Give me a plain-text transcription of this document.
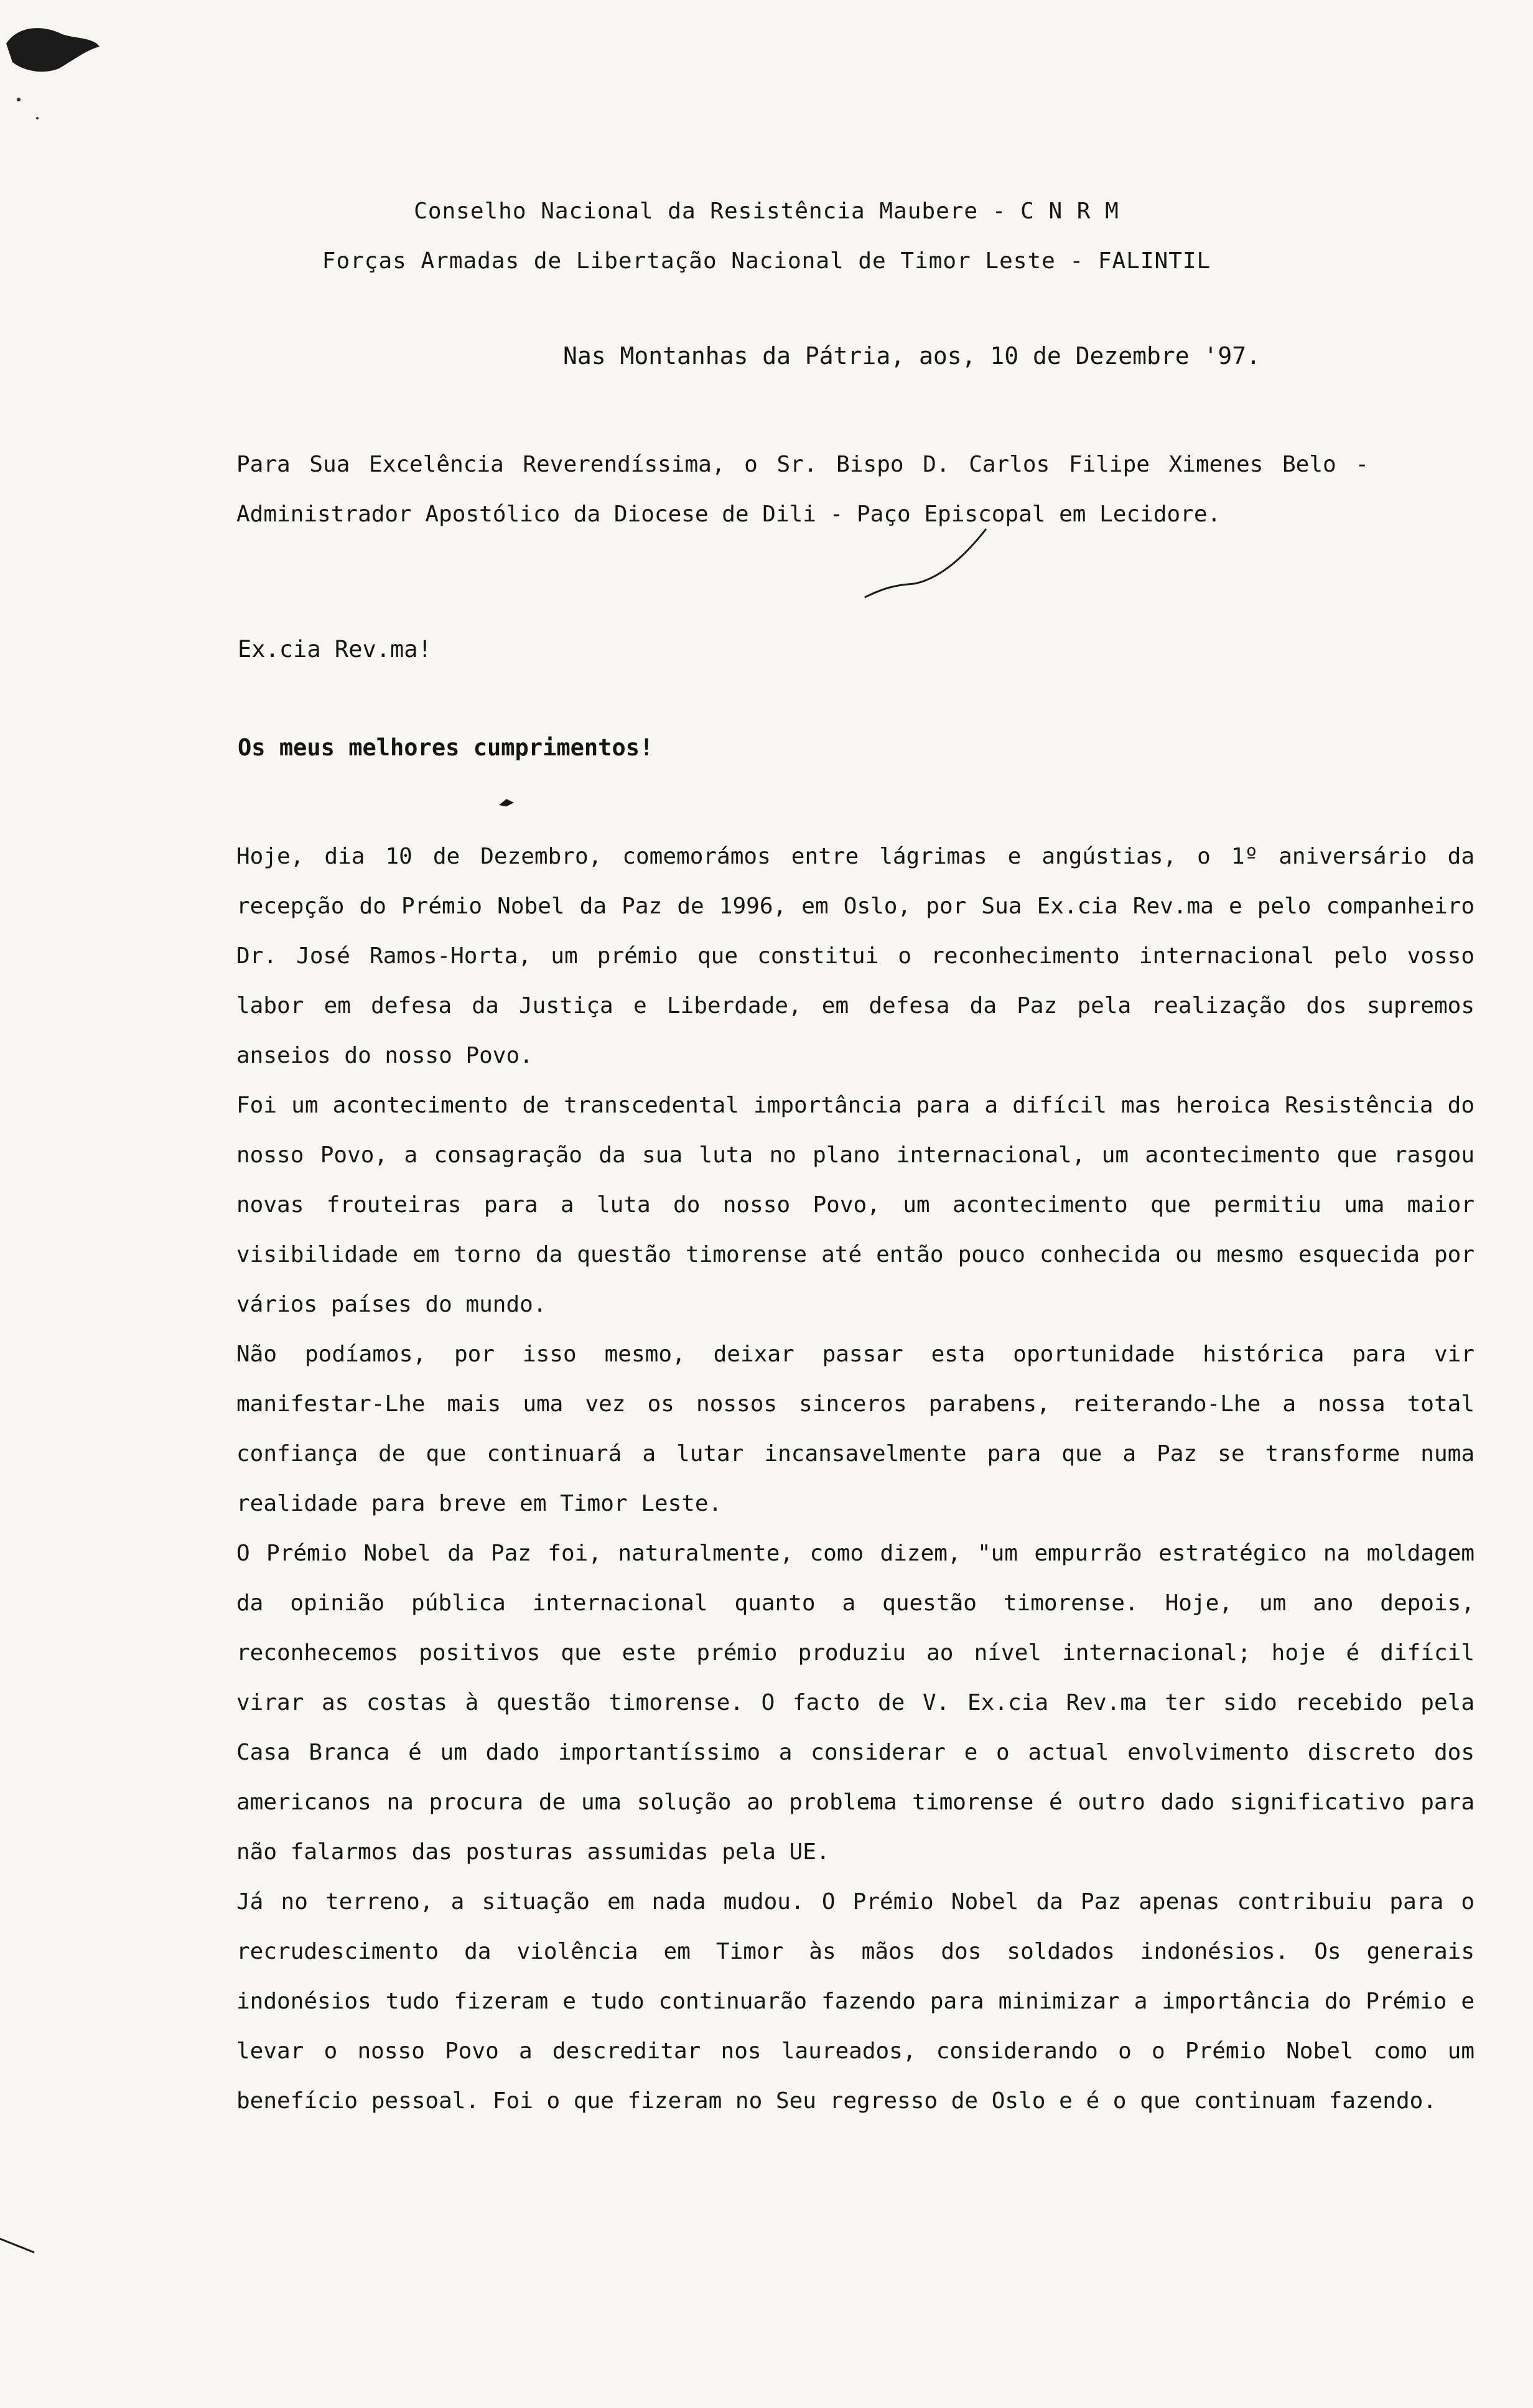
Conselho Nacional da Resistência Maubere - C N R M
Forças Armadas de Libertação Nacional de Timor Leste - FALINTIL
Nas Montanhas da Pátria, aos, 10 de Dezembre '97.
Para Sua Excelência Reverendíssima, o Sr. Bispo D. Carlos Filipe Ximenes Belo - Administrador Apostólico da Diocese de Dili - Paço Episcopal em Lecidore.
Ex.cia Rev.ma!
Os meus melhores cumprimentos!

Hoje, dia 10 de Dezembro, comemorámos entre lágrimas e angústias, o 1º aniversário da recepção do Prémio Nobel da Paz de 1996, em Oslo, por Sua Ex.cia Rev.ma e pelo companheiro Dr. José Ramos-Horta, um prémio que constitui o reconhecimento internacional pelo vosso labor em defesa da Justiça e Liberdade, em defesa da Paz pela realização dos supremos anseios do nosso Povo.

Foi um acontecimento de transcedental importância para a difícil mas heroica Resistência do nosso Povo, a consagração da sua luta no plano internacional, um acontecimento que rasgou novas frouteiras para a luta do nosso Povo, um acontecimento que permitiu uma maior visibilidade em torno da questão timorense até então pouco conhecida ou mesmo esquecida por vários países do mundo.

Não podíamos, por isso mesmo, deixar passar esta oportunidade histórica para vir manifestar-Lhe mais uma vez os nossos sinceros parabens, reiterando-Lhe a nossa total confiança de que continuará a lutar incansavelmente para que a Paz se transforme numa realidade para breve em Timor Leste.

O Prémio Nobel da Paz foi, naturalmente, como dizem, "um empurrão estratégico na moldagem da opinião pública internacional quanto a questão timorense. Hoje, um ano depois, reconhecemos positivos que este prémio produziu ao nível internacional; hoje é difícil virar as costas à questão timorense. O facto de V. Ex.cia Rev.ma ter sido recebido pela Casa Branca é um dado importantíssimo a considerar e o actual envolvimento discreto dos americanos na procura de uma solução ao problema timorense é outro dado significativo para não falarmos das posturas assumidas pela UE.

Já no terreno, a situação em nada mudou. O Prémio Nobel da Paz apenas contribuiu para o recrudescimento da violência em Timor às mãos dos soldados indonésios. Os generais indonésios tudo fizeram e tudo continuarão fazendo para minimizar a importância do Prémio e levar o nosso Povo a descreditar nos laureados, considerando o o Prémio Nobel como um benefício pessoal. Foi o que fizeram no Seu regresso de Oslo e é o que continuam fazendo.
